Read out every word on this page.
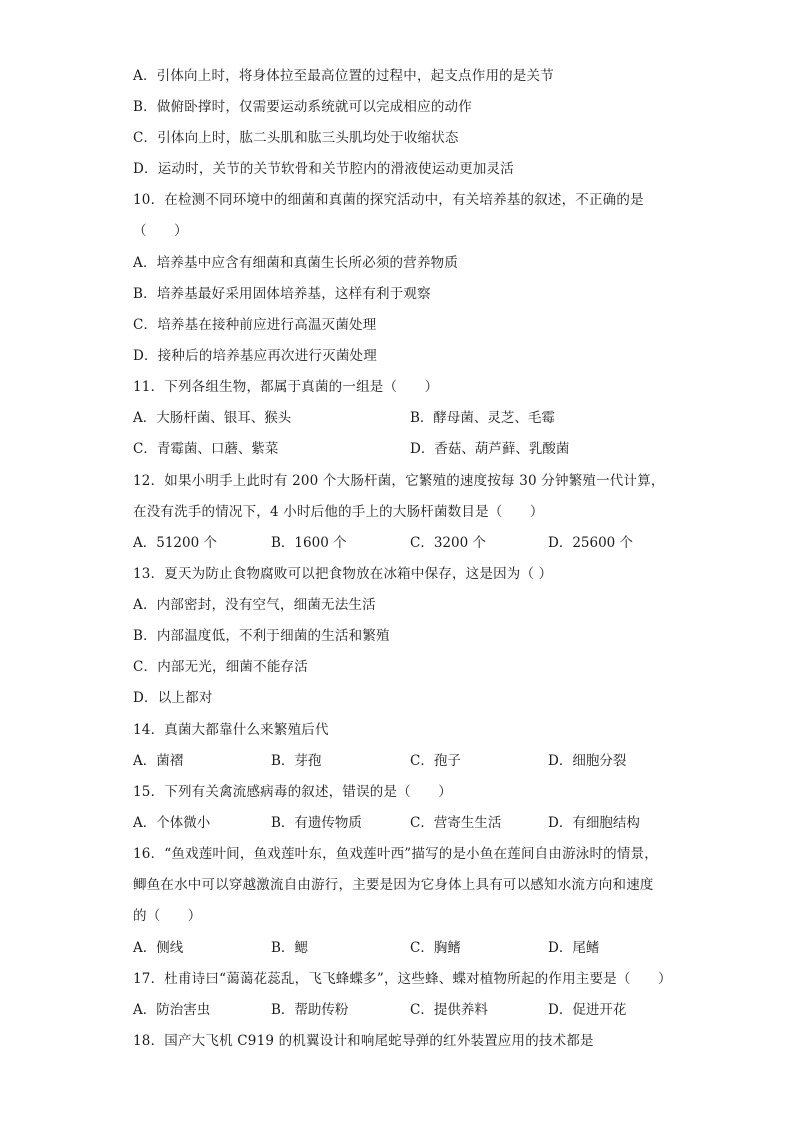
A．引体向上时，将身体拉至最高位置的过程中，起支点作用的是关节
B．做俯卧撑时，仅需要运动系统就可以完成相应的动作
C．引体向上时，肱二头肌和肱三头肌均处于收缩状态
D．运动时，关节的关节软骨和关节腔内的滑液使运动更加灵活
10．在检测不同环境中的细菌和真菌的探究活动中，有关培养基的叙述，不正确的是
（　　）
A．培养基中应含有细菌和真菌生长所必须的营养物质
B．培养基最好采用固体培养基，这样有利于观察
C．培养基在接种前应进行高温灭菌处理
D．接种后的培养基应再次进行灭菌处理
11．下列各组生物，都属于真菌的一组是（　　）
A．大肠杆菌、银耳、猴头	B．酵母菌、灵芝、毛霉
C．青霉菌、口蘑、紫菜	D．香菇、葫芦藓、乳酸菌
12．如果小明手上此时有 200 个大肠杆菌，它繁殖的速度按每 30 分钟繁殖一代计算，
在没有洗手的情况下，4 小时后他的手上的大肠杆菌数目是（　　）
A．51200 个	B．1600 个	C．3200 个	D．25600 个
13．夏天为防止食物腐败可以把食物放在冰箱中保存，这是因为（ ）
A．内部密封，没有空气，细菌无法生活
B．内部温度低，不利于细菌的生活和繁殖
C．内部无光，细菌不能存活
D．以上都对
14．真菌大都靠什么来繁殖后代
A．菌褶	B．芽孢	C．孢子	D．细胞分裂
15．下列有关禽流感病毒的叙述，错误的是（　　）
A．个体微小	B．有遗传物质	C．营寄生生活	D．有细胞结构
16．“鱼戏莲叶间，鱼戏莲叶东，鱼戏莲叶西”描写的是小鱼在莲间自由游泳时的情景，
鲫鱼在水中可以穿越激流自由游行，主要是因为它身体上具有可以感知水流方向和速度
的（　　）
A．侧线	B．鳃	C．胸鳍	D．尾鳍
17．杜甫诗曰“蔼蔼花蕊乱，飞飞蜂蝶多”，这些蜂、蝶对植物所起的作用主要是（　　）
A．防治害虫	B．帮助传粉	C．提供养料	D．促进开花
18．国产大飞机 C919 的机翼设计和响尾蛇导弹的红外装置应用的技术都是
